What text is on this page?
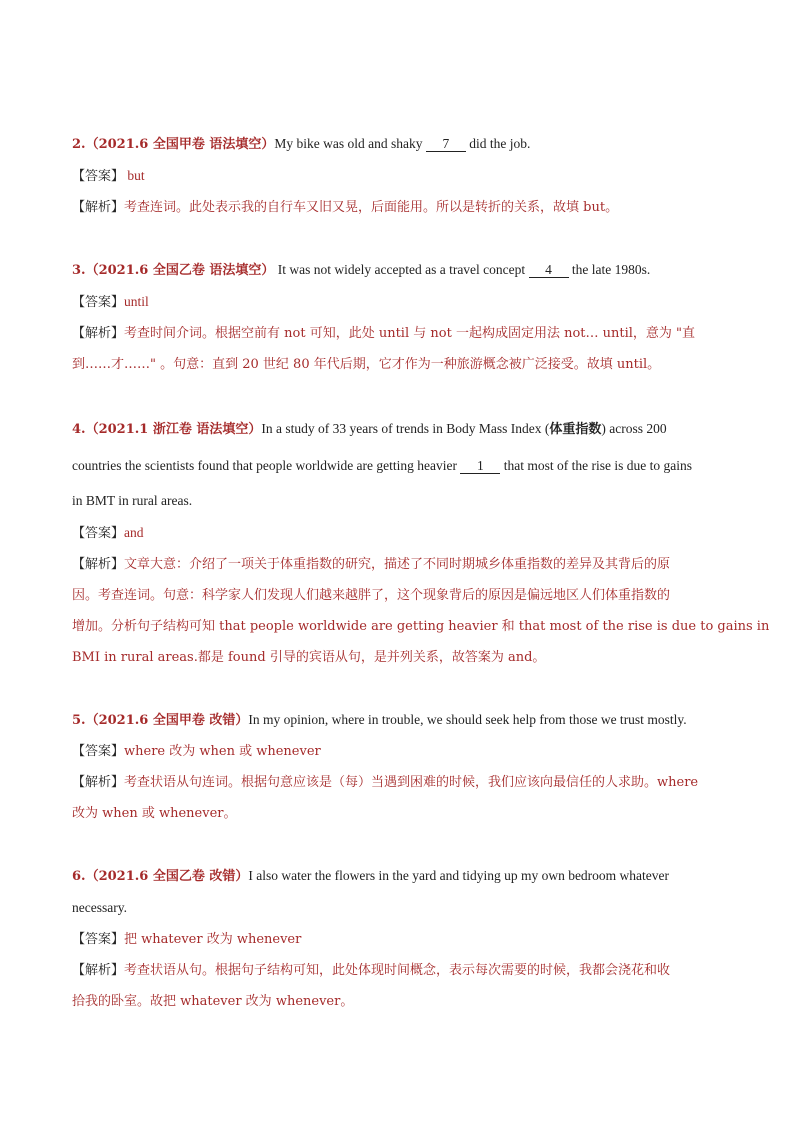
2.（2021.6 全国甲卷 语法填空）My bike was old and shaky 7 did the job.
【答案】 but
【解析】考查连词。此处表示我的自行车又旧又晃，后面能用。所以是转折的关系，故填 but。
3.（2021.6 全国乙卷 语法填空） It was not widely accepted as a travel concept 4 the late 1980s.
【答案】until
【解析】考查时间介词。根据空前有 not 可知，此处 until 与 not 一起构成固定用法 not… until，意为 "直
到……才……" 。句意：直到 20 世纪 80 年代后期，它才作为一种旅游概念被广泛接受。故填 until。
4.（2021.1 浙江卷 语法填空）In a study of 33 years of trends in Body Mass Index (体重指数) across 200
countries the scientists found that people worldwide are getting heavier 1 that most of the rise is due to gains
in BMT in rural areas.
【答案】and
【解析】文章大意：介绍了一项关于体重指数的研究，描述了不同时期城乡体重指数的差异及其背后的原
因。考查连词。句意：科学家人们发现人们越来越胖了，这个现象背后的原因是偏远地区人们体重指数的
增加。分析句子结构可知 that people worldwide are getting heavier 和 that most of the rise is due to gains in
BMI in rural areas.都是 found 引导的宾语从句，是并列关系，故答案为 and。
5.（2021.6 全国甲卷 改错）In my opinion, where in trouble, we should seek help from those we trust mostly.
【答案】where 改为 when 或 whenever
【解析】考查状语从句连词。根据句意应该是（每）当遇到困难的时候，我们应该向最信任的人求助。where
改为 when 或 whenever。
6.（2021.6 全国乙卷 改错）I also water the flowers in the yard and tidying up my own bedroom whatever
necessary.
【答案】把 whatever 改为 whenever
【解析】考查状语从句。根据句子结构可知，此处体现时间概念，表示每次需要的时候，我都会浇花和收
拾我的卧室。故把 whatever 改为 whenever。
